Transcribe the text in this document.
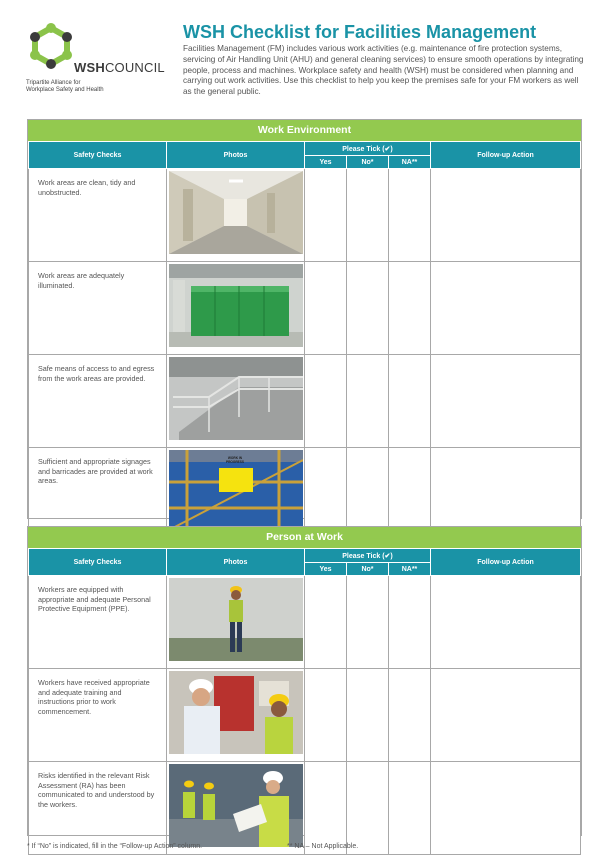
WSHCOUNCIL
Tripartite Alliance for
Workplace Safety and Health
WSH Checklist for Facilities Management
Facilities Management (FM) includes various work activities (e.g. maintenance of fire protection systems, servicing of Air Handling Unit (AHU) and general cleaning services) to ensure smooth operations by integrating people, process and machines. Workplace safety and health (WSH) must be considered when planning and carrying out work activities. Use this checklist to help you keep the premises safe for your FM workers as well as the general public.
Work Environment
Safety Checks	Photos	Please Tick (✔)			Follow-up Action
		Yes	No*	NA**	
Work areas are clean, tidy and unobstructed.					
Work areas are adequately illuminated.					
Safe means of access to and egress from the work areas are provided.					
Sufficient and appropriate signages and barricades are provided at work areas.					
Person at Work
Safety Checks	Photos	Please Tick (✔)			Follow-up Action
		Yes	No*	NA**	
Workers are equipped with appropriate and adequate Personal Protective Equipment (PPE).					
Workers have received appropriate and adequate training and instructions prior to work commencement.					
Risks identified in the relevant Risk Assessment (RA) has been communicated to and understood by the workers.					
* If “No” is indicated, fill in the “Follow-up Action” column.	** NA – Not Applicable.
WORK IN PROGRESS
